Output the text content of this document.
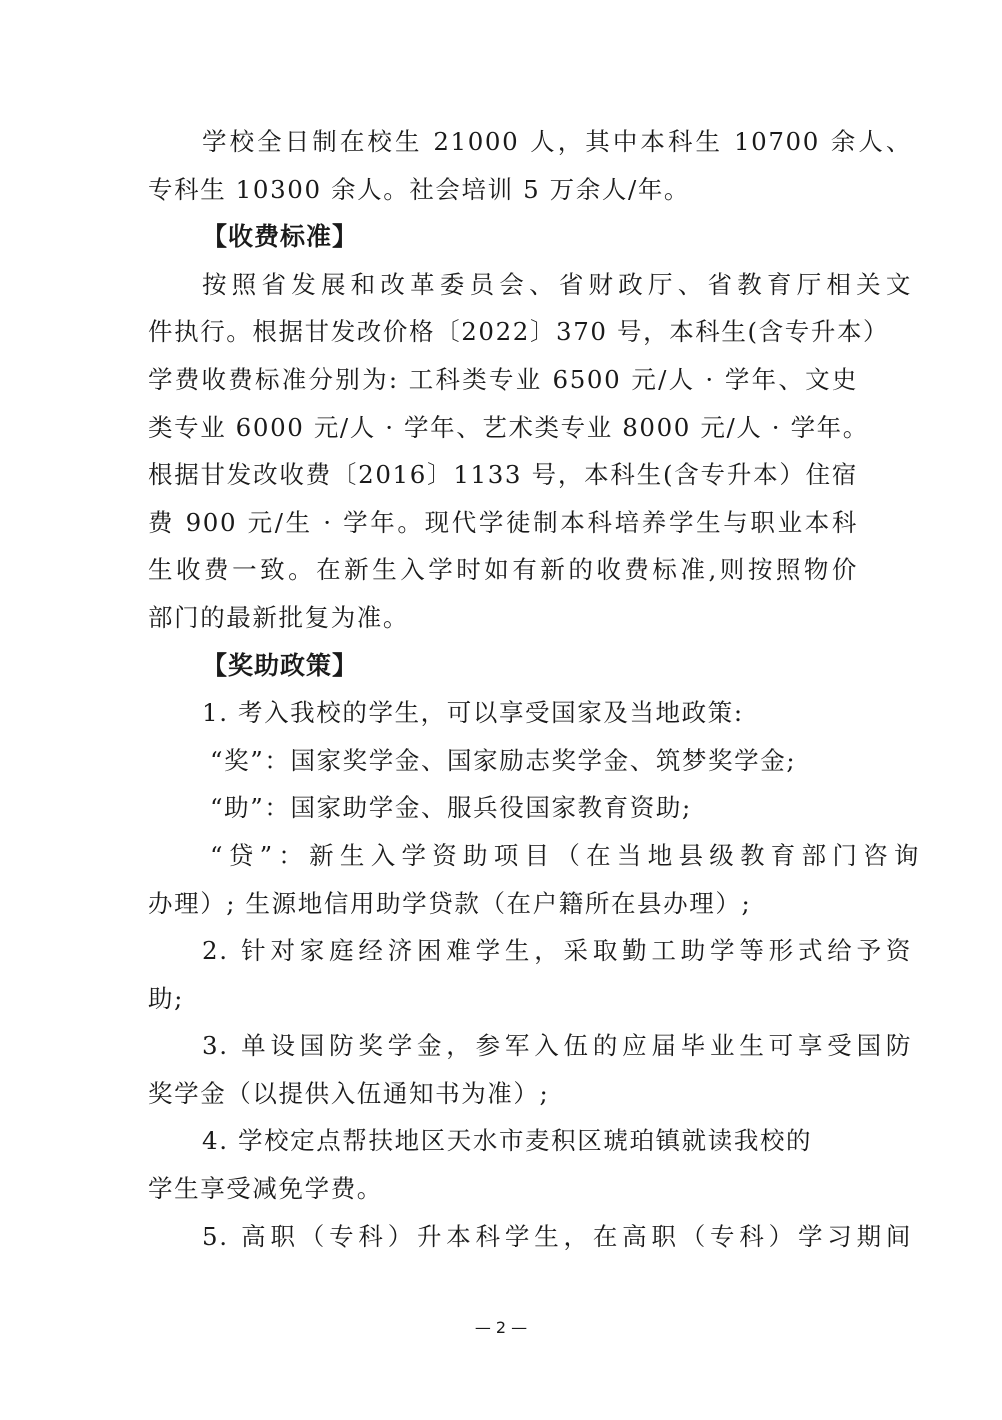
学校全日制在校生 21000 人，其中本科生 10700 余人、
专科生 10300 余人。社会培训 5 万余人/年。
【收费标准】
按照省发展和改革委员会、省财政厅、省教育厅相关文
件执行。根据甘发改价格〔2022〕370 号，本科生(含专升本）
学费收费标准分别为: 工科类专业 6500 元/人 · 学年、文史
类专业 6000 元/人 · 学年、艺术类专业 8000 元/人 · 学年。
根据甘发改收费〔2016〕1133 号，本科生(含专升本）住宿
费 900 元/生 · 学年。现代学徒制本科培养学生与职业本科
生收费一致。在新生入学时如有新的收费标准,则按照物价
部门的最新批复为准。
【奖助政策】
1. 考入我校的学生，可以享受国家及当地政策:
“奖”：国家奖学金、国家励志奖学金、筑梦奖学金;
“助”：国家助学金、服兵役国家教育资助;
“贷”：新生入学资助项目（在当地县级教育部门咨询
办理）; 生源地信用助学贷款（在户籍所在县办理）;
2. 针对家庭经济困难学生，采取勤工助学等形式给予资
助;
3. 单设国防奖学金，参军入伍的应届毕业生可享受国防
奖学金（以提供入伍通知书为准）;
4. 学校定点帮扶地区天水市麦积区琥珀镇就读我校的
学生享受减免学费。
5. 高职（专科）升本科学生，在高职（专科）学习期间
— 2 —
